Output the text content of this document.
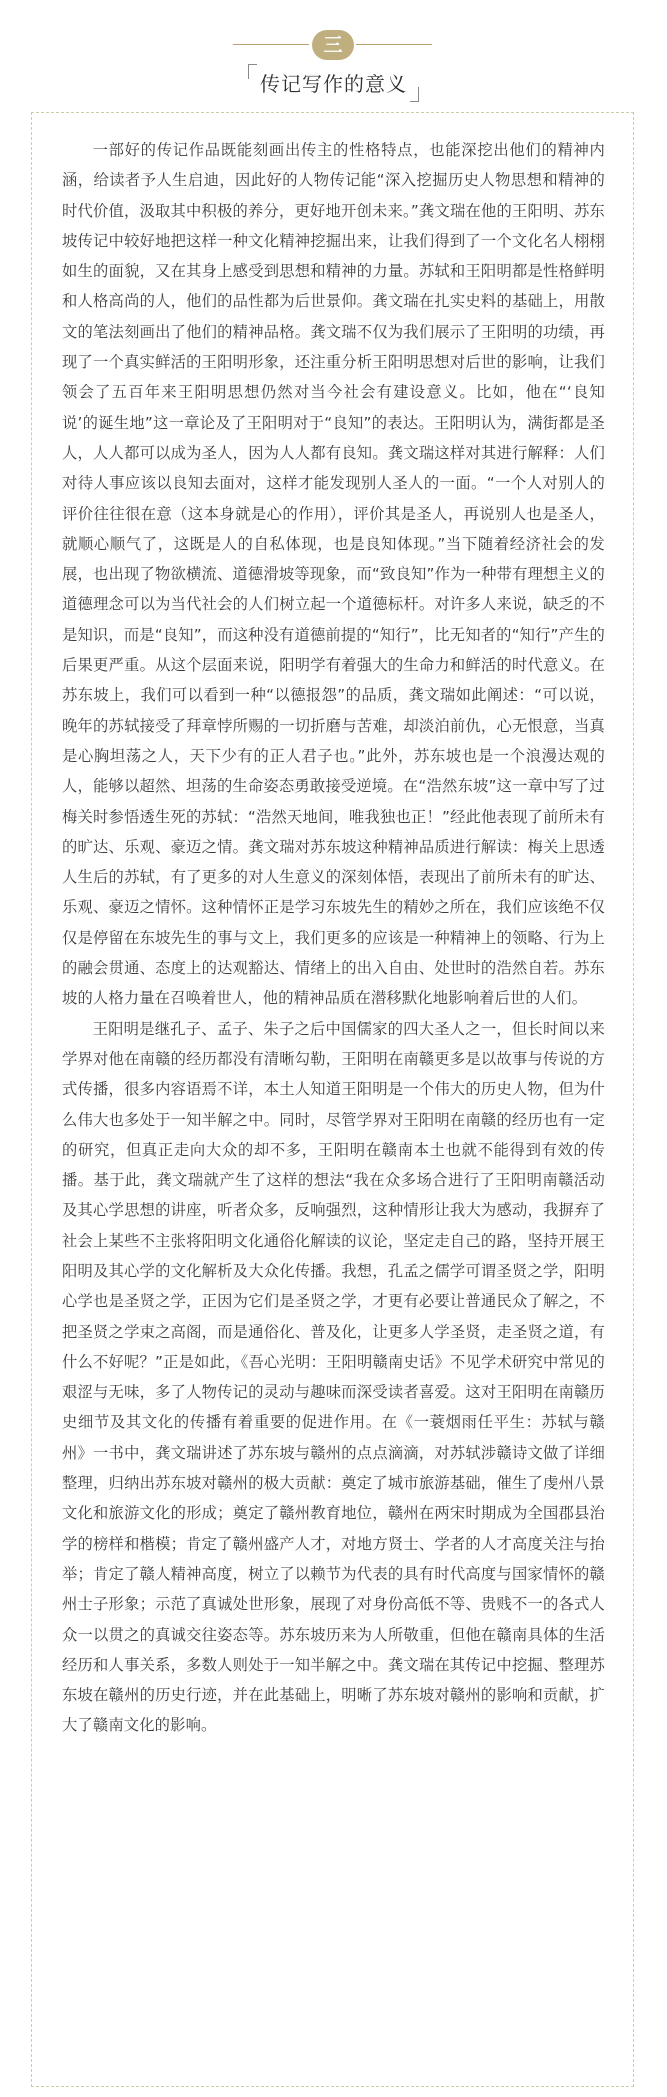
三
传记写作的意义

一部好的传记作品既能刻画出传主的性格特点，也能深挖出他们的精神内涵，给读者予人生启迪，因此好的人物传记能“深入挖掘历史人物思想和精神的时代价值，汲取其中积极的养分，更好地开创未来。”龚文瑞在他的王阳明、苏东坡传记中较好地把这样一种文化精神挖掘出来，让我们得到了一个文化名人栩栩如生的面貌，又在其身上感受到思想和精神的力量。苏轼和王阳明都是性格鲜明和人格高尚的人，他们的品性都为后世景仰。龚文瑞在扎实史料的基础上，用散文的笔法刻画出了他们的精神品格。龚文瑞不仅为我们展示了王阳明的功绩，再现了一个真实鲜活的王阳明形象，还注重分析王阳明思想对后世的影响，让我们领会了五百年来王阳明思想仍然对当今社会有建设意义。比如，他在“‘良知说’的诞生地”这一章论及了王阳明对于“良知”的表达。王阳明认为，满街都是圣人，人人都可以成为圣人，因为人人都有良知。龚文瑞这样对其进行解释：人们对待人事应该以良知去面对，这样才能发现别人圣人的一面。“一个人对别人的评价往往很在意（这本身就是心的作用），评价其是圣人，再说别人也是圣人，就顺心顺气了，这既是人的自私体现，也是良知体现。”当下随着经济社会的发展，也出现了物欲横流、道德滑坡等现象，而“致良知”作为一种带有理想主义的道德理念可以为当代社会的人们树立起一个道德标杆。对许多人来说，缺乏的不是知识，而是“良知”，而这种没有道德前提的“知行”，比无知者的“知行”产生的后果更严重。从这个层面来说，阳明学有着强大的生命力和鲜活的时代意义。在苏东坡上，我们可以看到一种“以德报怨”的品质，龚文瑞如此阐述：“可以说，晚年的苏轼接受了拜章悖所赐的一切折磨与苦难，却淡泊前仇，心无恨意，当真是心胸坦荡之人，天下少有的正人君子也。”此外，苏东坡也是一个浪漫达观的人，能够以超然、坦荡的生命姿态勇敢接受逆境。在“浩然东坡”这一章中写了过梅关时参悟透生死的苏轼：“浩然天地间，唯我独也正！”经此他表现了前所未有的旷达、乐观、豪迈之情。龚文瑞对苏东坡这种精神品质进行解读：梅关上思透人生后的苏轼，有了更多的对人生意义的深刻体悟，表现出了前所未有的旷达、乐观、豪迈之情怀。这种情怀正是学习东坡先生的精妙之所在，我们应该绝不仅仅是停留在东坡先生的事与文上，我们更多的应该是一种精神上的领略、行为上的融会贯通、态度上的达观豁达、情绪上的出入自由、处世时的浩然自若。苏东坡的人格力量在召唤着世人，他的精神品质在潜移默化地影响着后世的人们。

王阳明是继孔子、孟子、朱子之后中国儒家的四大圣人之一，但长时间以来学界对他在南赣的经历都没有清晰勾勒，王阳明在南赣更多是以故事与传说的方式传播，很多内容语焉不详，本土人知道王阳明是一个伟大的历史人物，但为什么伟大也多处于一知半解之中。同时，尽管学界对王阳明在南赣的经历也有一定的研究，但真正走向大众的却不多，王阳明在赣南本土也就不能得到有效的传播。基于此，龚文瑞就产生了这样的想法“我在众多场合进行了王阳明南赣活动及其心学思想的讲座，听者众多，反响强烈，这种情形让我大为感动，我摒弃了社会上某些不主张将阳明文化通俗化解读的议论，坚定走自己的路，坚持开展王阳明及其心学的文化解析及大众化传播。我想，孔孟之儒学可谓圣贤之学，阳明心学也是圣贤之学，正因为它们是圣贤之学，才更有必要让普通民众了解之，不把圣贤之学束之高阁，而是通俗化、普及化，让更多人学圣贤，走圣贤之道，有什么不好呢？”正是如此，《吾心光明：王阳明赣南史话》不见学术研究中常见的艰涩与无味，多了人物传记的灵动与趣味而深受读者喜爱。这对王阳明在南赣历史细节及其文化的传播有着重要的促进作用。在《一蓑烟雨任平生：苏轼与赣州》一书中，龚文瑞讲述了苏东坡与赣州的点点滴滴，对苏轼涉赣诗文做了详细整理，归纳出苏东坡对赣州的极大贡献：奠定了城市旅游基础，催生了虔州八景文化和旅游文化的形成；奠定了赣州教育地位，赣州在两宋时期成为全国郡县治学的榜样和楷模；肯定了赣州盛产人才，对地方贤士、学者的人才高度关注与抬举；肯定了赣人精神高度，树立了以赖节为代表的具有时代高度与国家情怀的赣州士子形象；示范了真诚处世形象，展现了对身份高低不等、贵贱不一的各式人众一以贯之的真诚交往姿态等。苏东坡历来为人所敬重，但他在赣南具体的生活经历和人事关系，多数人则处于一知半解之中。龚文瑞在其传记中挖掘、整理苏东坡在赣州的历史行迹，并在此基础上，明晰了苏东坡对赣州的影响和贡献，扩大了赣南文化的影响。
